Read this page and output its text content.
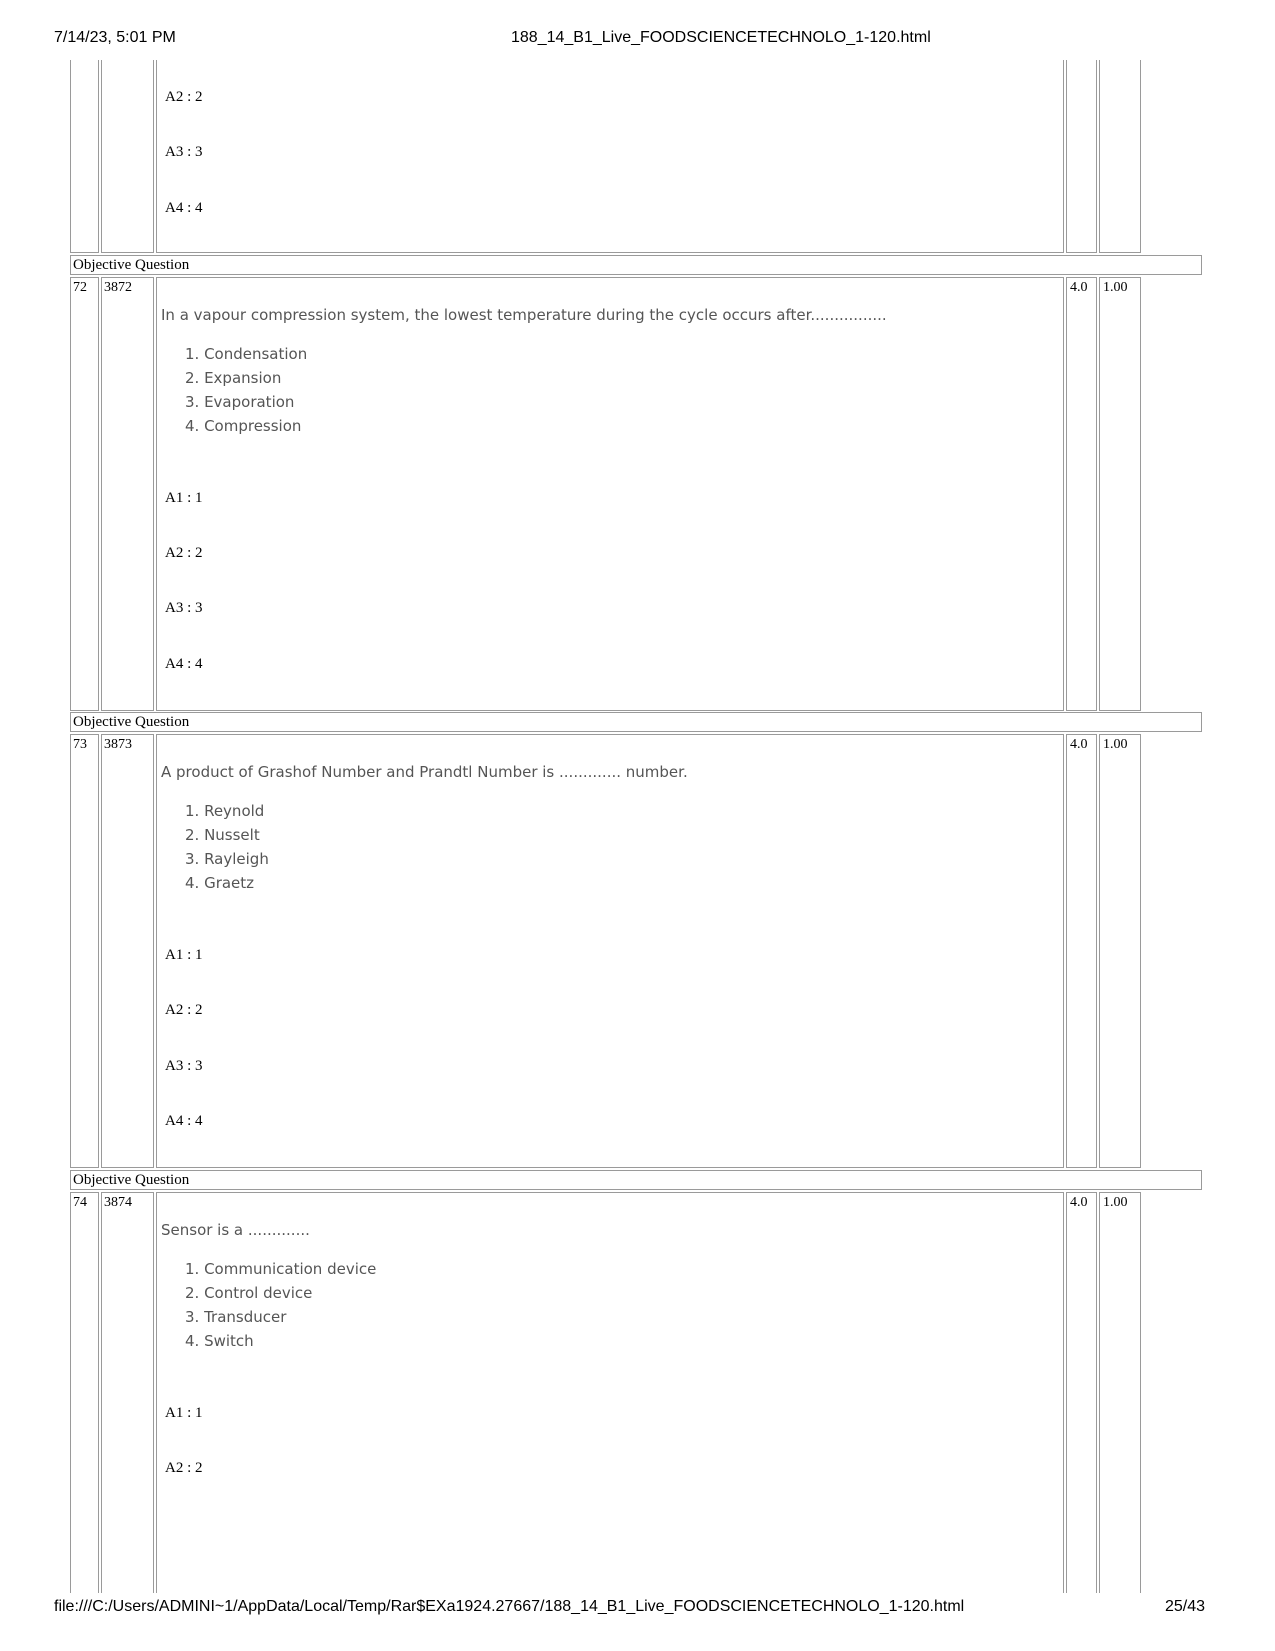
7/14/23, 5:01 PM	188_14_B1_Live_FOODSCIENCETECHNOLO_1-120.html
A2 : 2
A3 : 3
A4 : 4
Objective Question
72	3872
In a vapour compression system, the lowest temperature during the cycle occurs after................
1. Condensation
2. Expansion
3. Evaporation
4. Compression
A1 : 1
A2 : 2
A3 : 3
A4 : 4
4.0	1.00
Objective Question
73	3873
A product of Grashof Number and Prandtl Number is ............. number.
1. Reynold
2. Nusselt
3. Rayleigh
4. Graetz
A1 : 1
A2 : 2
A3 : 3
A4 : 4
4.0	1.00
Objective Question
74	3874
Sensor is a .............
1. Communication device
2. Control device
3. Transducer
4. Switch
A1 : 1
A2 : 2
4.0	1.00
file:///C:/Users/ADMINI~1/AppData/Local/Temp/Rar$EXa1924.27667/188_14_B1_Live_FOODSCIENCETECHNOLO_1-120.html	25/43
